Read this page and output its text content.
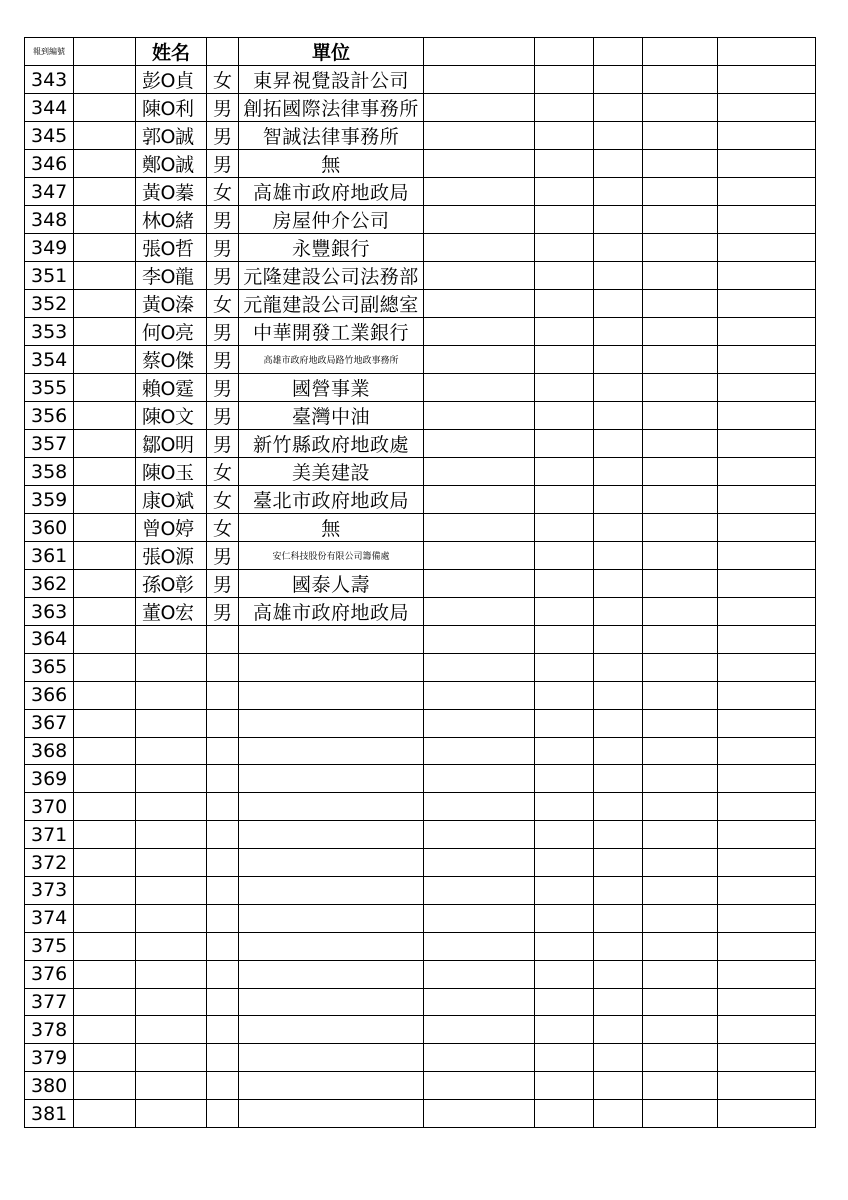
報到編號		姓名		單位					
343		彭O貞	女	東昇視覺設計公司					
344		陳O利	男	創拓國際法律事務所					
345		郭O誠	男	智誠法律事務所					
346		鄭O誠	男	無					
347		黃O蓁	女	高雄市政府地政局					
348		林O緒	男	房屋仲介公司					
349		張O哲	男	永豐銀行					
351		李O龍	男	元隆建設公司法務部					
352		黃O溱	女	元龍建設公司副總室					
353		何O亮	男	中華開發工業銀行					
354		蔡O傑	男	高雄市政府地政局路竹地政事務所					
355		賴O霆	男	國營事業					
356		陳O文	男	臺灣中油					
357		鄒O明	男	新竹縣政府地政處					
358		陳O玉	女	美美建設					
359		康O斌	女	臺北市政府地政局					
360		曾O婷	女	無					
361		張O源	男	安仁科技股份有限公司籌備處					
362		孫O彰	男	國泰人壽					
363		董O宏	男	高雄市政府地政局					
364									
365									
366									
367									
368									
369									
370									
371									
372									
373									
374									
375									
376									
377									
378									
379									
380									
381									
